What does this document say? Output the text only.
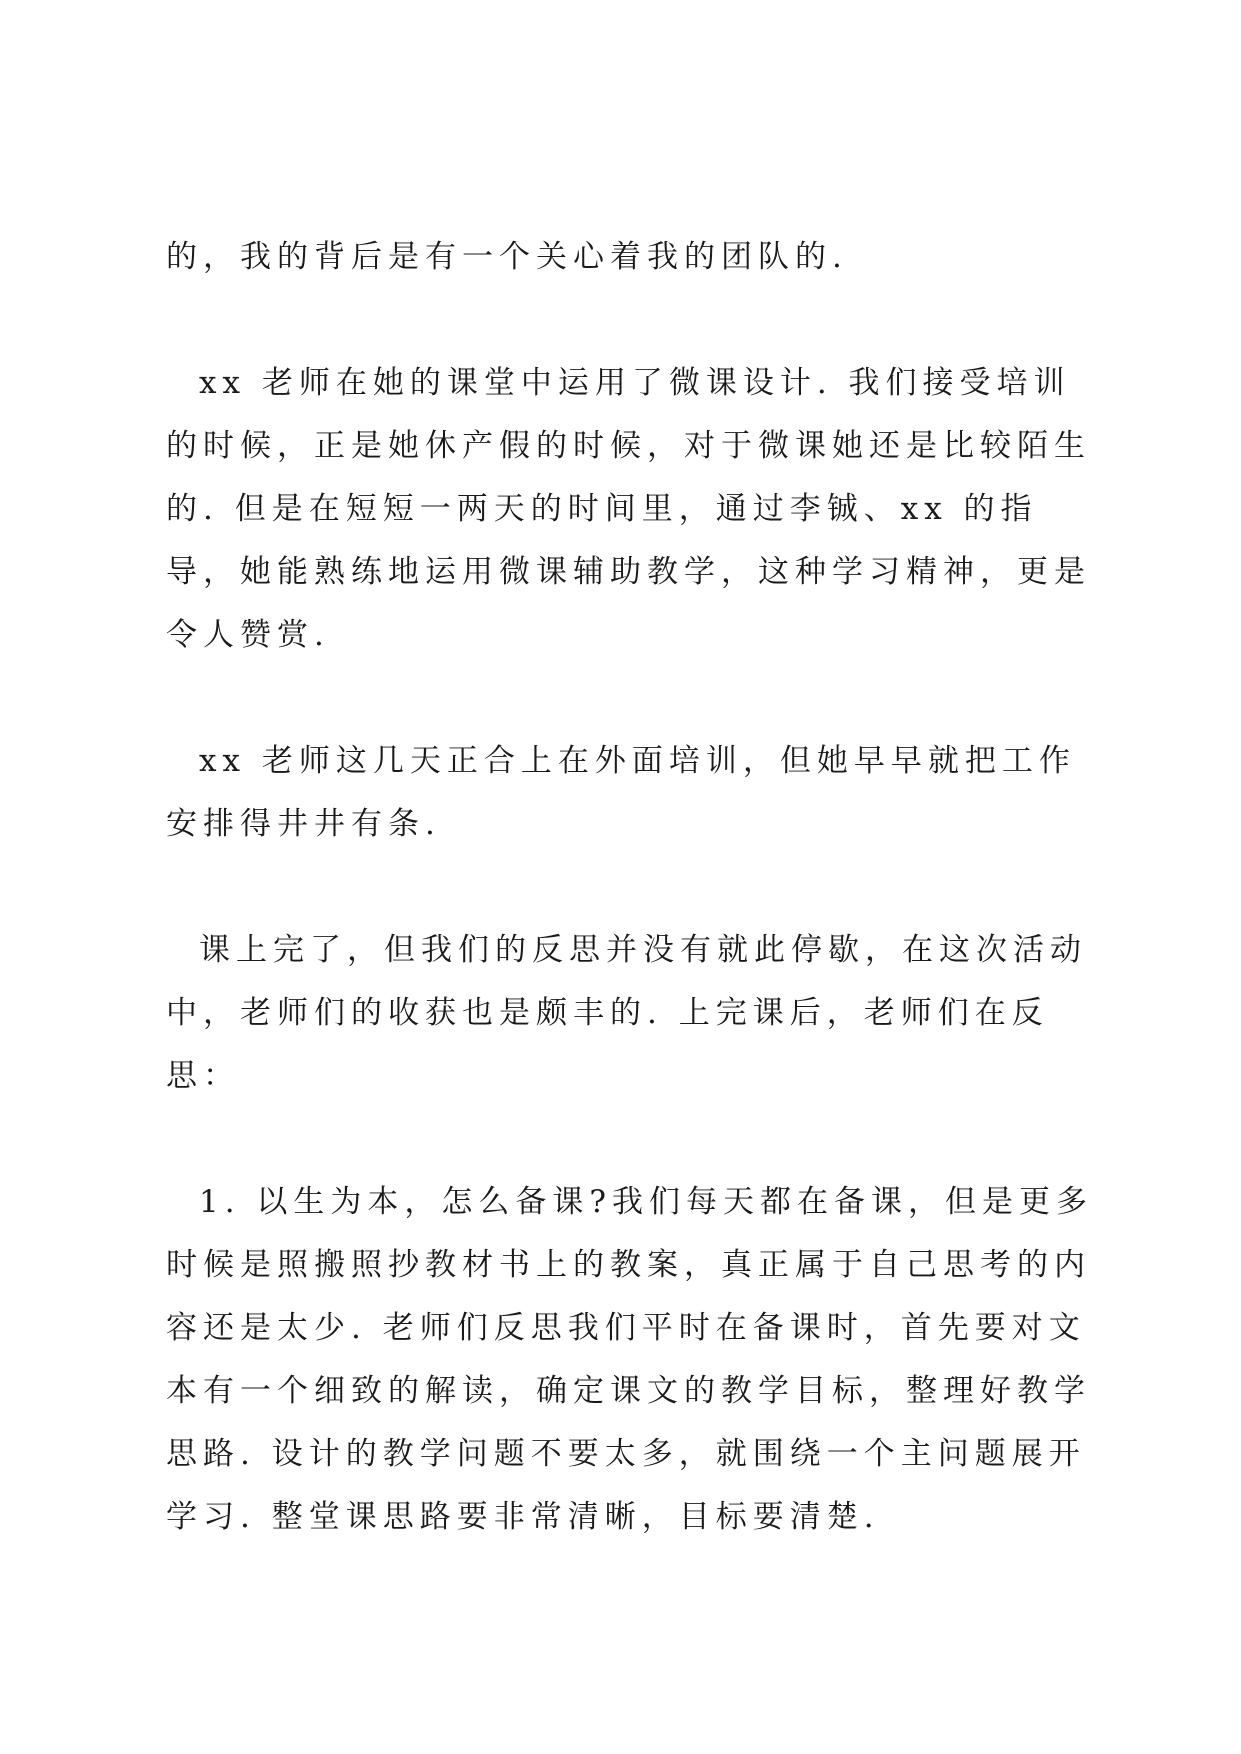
的，我的背后是有一个关心着我的团队的.

xx 老师在她的课堂中运用了微课设计. 我们接受培训的时候，正是她休产假的时候，对于微课她还是比较陌生的. 但是在短短一两天的时间里，通过李铖、xx 的指导，她能熟练地运用微课辅助教学，这种学习精神，更是令人赞赏.

xx 老师这几天正合上在外面培训，但她早早就把工作安排得井井有条.

课上完了，但我们的反思并没有就此停歇，在这次活动中，老师们的收获也是颇丰的. 上完课后，老师们在反思：

1. 以生为本，怎么备课?我们每天都在备课，但是更多时候是照搬照抄教材书上的教案，真正属于自己思考的内容还是太少. 老师们反思我们平时在备课时，首先要对文本有一个细致的解读，确定课文的教学目标，整理好教学思路. 设计的教学问题不要太多，就围绕一个主问题展开学习. 整堂课思路要非常清晰，目标要清楚.
